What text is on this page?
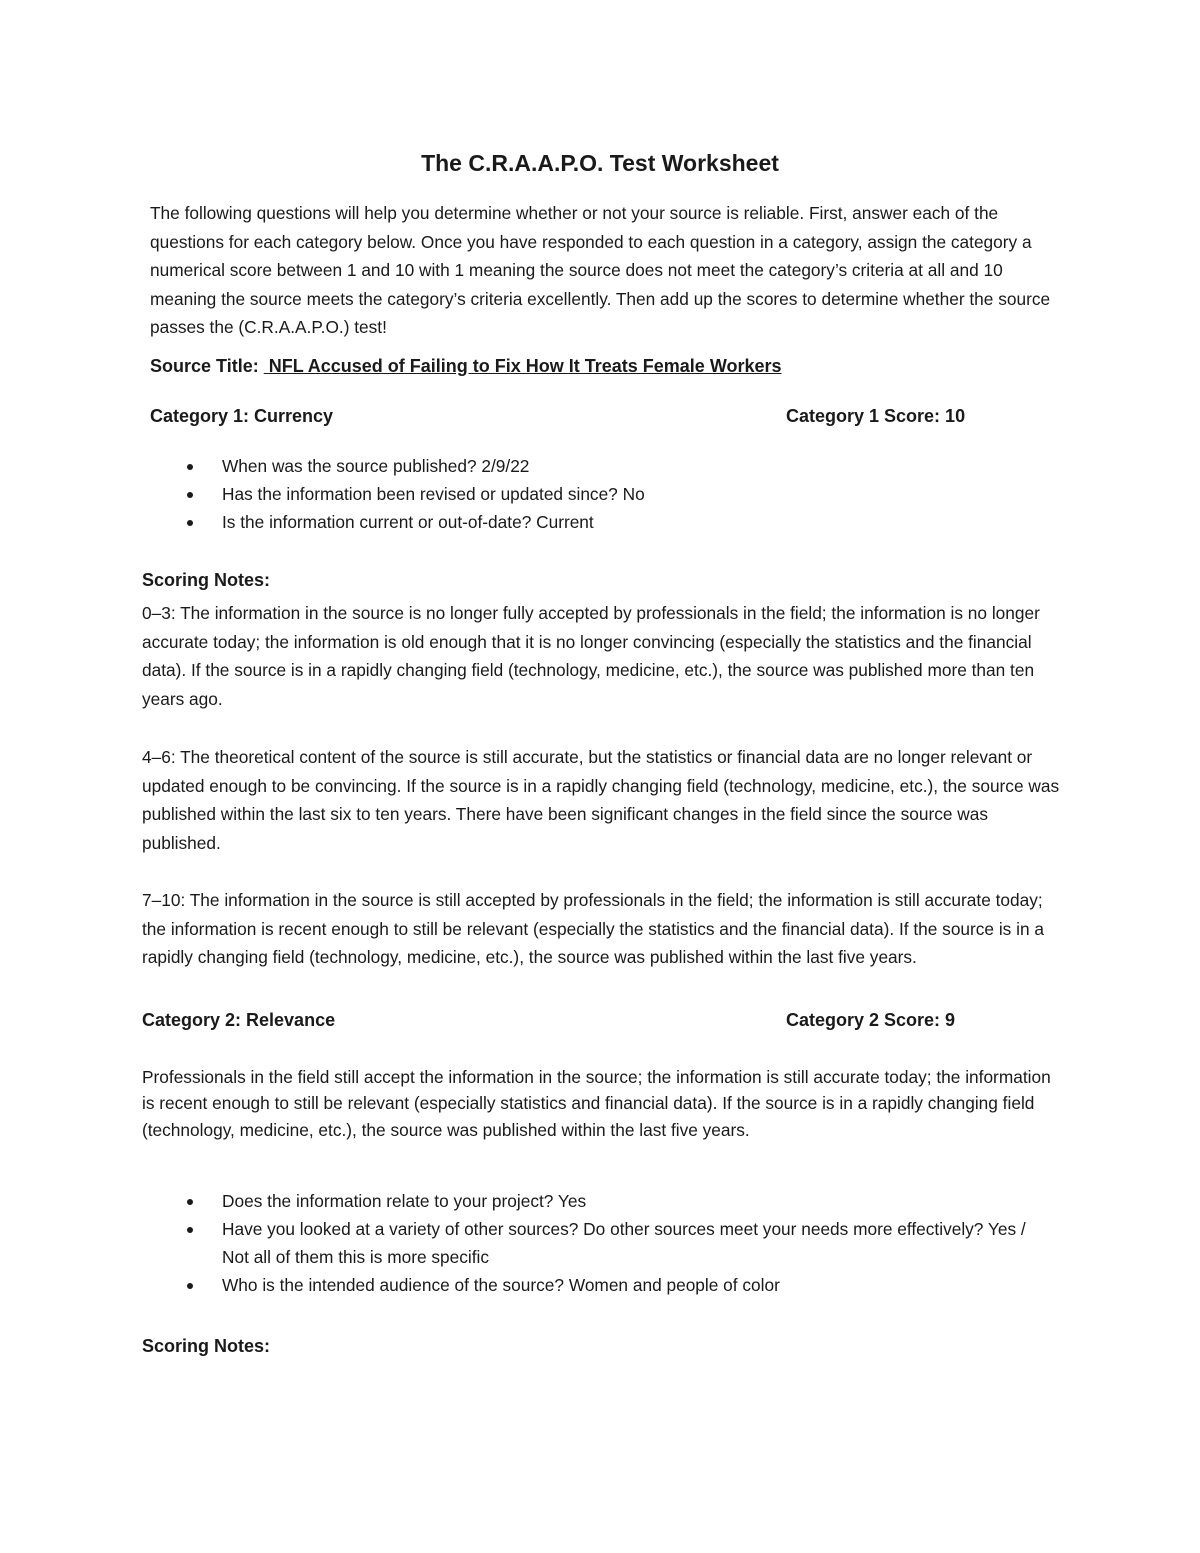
The C.R.A.A.P.O. Test Worksheet

The following questions will help you determine whether or not your source is reliable. First, answer each of the questions for each category below. Once you have responded to each question in a category, assign the category a numerical score between 1 and 10 with 1 meaning the source does not meet the category’s criteria at all and 10 meaning the source meets the category’s criteria excellently. Then add up the scores to determine whether the source passes the (C.R.A.A.P.O.) test!

Source Title: NFL Accused of Failing to Fix How It Treats Female Workers
Category 1: Currency	Category 1 Score: 10
When was the source published? 2/9/22
Has the information been revised or updated since? No
Is the information current or out-of-date? Current
Scoring Notes:

0–3: The information in the source is no longer fully accepted by professionals in the field; the information is no longer accurate today; the information is old enough that it is no longer convincing (especially the statistics and the financial data). If the source is in a rapidly changing field (technology, medicine, etc.), the source was published more than ten years ago.

4–6: The theoretical content of the source is still accurate, but the statistics or financial data are no longer relevant or updated enough to be convincing. If the source is in a rapidly changing field (technology, medicine, etc.), the source was published within the last six to ten years. There have been significant changes in the field since the source was published.

7–10: The information in the source is still accepted by professionals in the field; the information is still accurate today; the information is recent enough to still be relevant (especially the statistics and the financial data). If the source is in a rapidly changing field (technology, medicine, etc.), the source was published within the last five years.

Category 2: Relevance	Category 2 Score: 9

Professionals in the field still accept the information in the source; the information is still accurate today; the information is recent enough to still be relevant (especially statistics and financial data). If the source is in a rapidly changing field (technology, medicine, etc.), the source was published within the last five years.

Does the information relate to your project? Yes
Have you looked at a variety of other sources? Do other sources meet your needs more effectively? Yes / Not all of them this is more specific
Who is the intended audience of the source? Women and people of color
Scoring Notes:
